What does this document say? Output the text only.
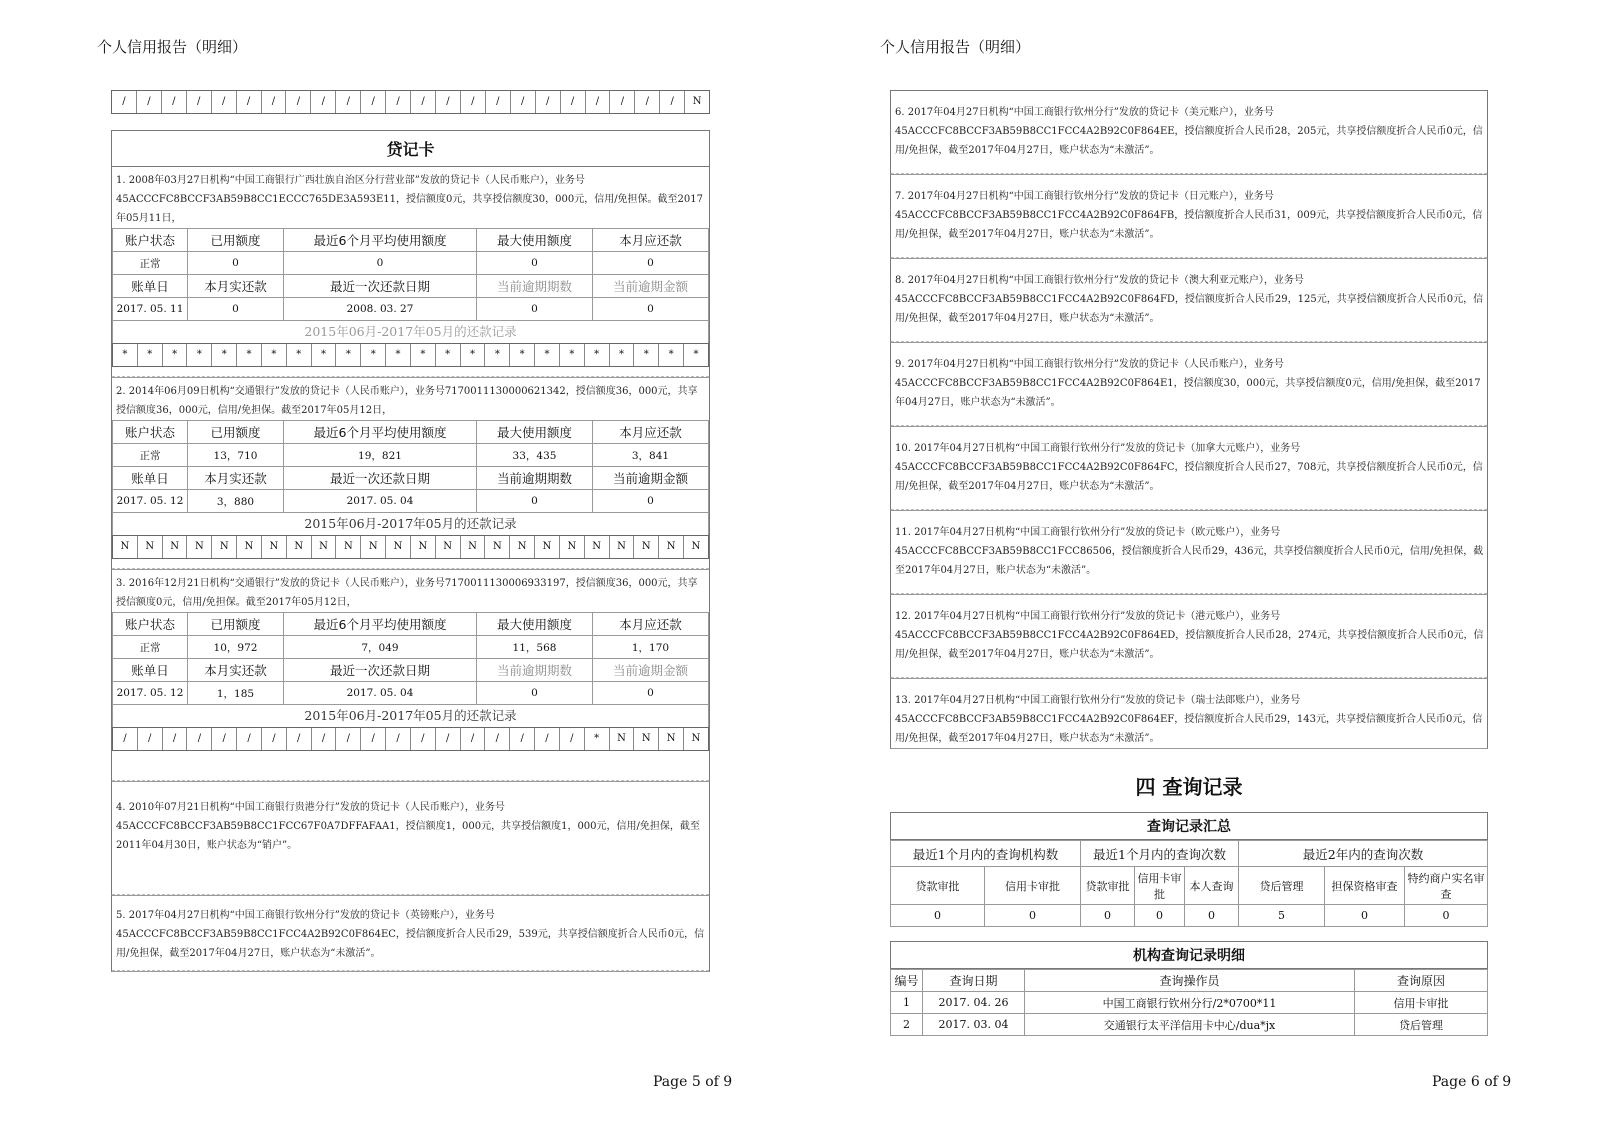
个人信用报告（明细）
/	/	/	/	/	/	/	/	/	/	/	/	/	/	/	/	/	/	/	/	/	/	/	N
贷记卡
1. 2008年03月27日机构“中国工商银行广西壮族自治区分行营业部”发放的贷记卡（人民币账户），业务号45ACCCFC8BCCF3AB59B8CC1ECCC765DE3A593E11，授信额度0元，共享授信额度30，000元，信用/免担保。截至2017年05月11日，
账户状态	已用额度	最近6个月平均使用额度	最大使用额度	本月应还款
正常	0	0	0	0
账单日	本月实还款	最近一次还款日期	当前逾期期数	当前逾期金额
2017. 05. 11	0	2008. 03. 27	0	0
2015年06月-2017年05月的还款记录
*	*	*	*	*	*	*	*	*	*	*	*	*	*	*	*	*	*	*	*	*	*	*	*
2. 2014年06月09日机构“交通银行”发放的贷记卡（人民币账户），业务号7170011130000621342，授信额度36，000元，共享授信额度36，000元，信用/免担保。截至2017年05月12日，
账户状态	已用额度	最近6个月平均使用额度	最大使用额度	本月应还款
正常	13，710	19，821	33，435	3，841
账单日	本月实还款	最近一次还款日期	当前逾期期数	当前逾期金额
2017. 05. 12	3，880	2017. 05. 04	0	0
2015年06月-2017年05月的还款记录
N	N	N	N	N	N	N	N	N	N	N	N	N	N	N	N	N	N	N	N	N	N	N	N
3. 2016年12月21日机构“交通银行”发放的贷记卡（人民币账户），业务号7170011130006933197，授信额度36，000元，共享授信额度0元，信用/免担保。截至2017年05月12日，
账户状态	已用额度	最近6个月平均使用额度	最大使用额度	本月应还款
正常	10，972	7，049	11，568	1，170
账单日	本月实还款	最近一次还款日期	当前逾期期数	当前逾期金额
2017. 05. 12	1，185	2017. 05. 04	0	0
2015年06月-2017年05月的还款记录
/	/	/	/	/	/	/	/	/	/	/	/	/	/	/	/	/	/	/	*	N	N	N	N
4. 2010年07月21日机构“中国工商银行贵港分行”发放的贷记卡（人民币账户），业务号45ACCCFC8BCCF3AB59B8CC1FCC67F0A7DFFAFAA1，授信额度1，000元，共享授信额度1，000元，信用/免担保，截至2011年04月30日，账户状态为“销户”。
5. 2017年04月27日机构“中国工商银行钦州分行”发放的贷记卡（英镑账户），业务号45ACCCFC8BCCF3AB59B8CC1FCC4A2B92C0F864EC，授信额度折合人民币29，539元，共享授信额度折合人民币0元，信用/免担保，截至2017年04月27日，账户状态为“未激活”。
Page 5 of 9
个人信用报告（明细）
6. 2017年04月27日机构“中国工商银行钦州分行”发放的贷记卡（美元账户），业务号45ACCCFC8BCCF3AB59B8CC1FCC4A2B92C0F864EE，授信额度折合人民币28，205元，共享授信额度折合人民币0元，信用/免担保，截至2017年04月27日，账户状态为“未激活”。
7. 2017年04月27日机构“中国工商银行钦州分行”发放的贷记卡（日元账户），业务号45ACCCFC8BCCF3AB59B8CC1FCC4A2B92C0F864FB，授信额度折合人民币31，009元，共享授信额度折合人民币0元，信用/免担保，截至2017年04月27日，账户状态为“未激活”。
8. 2017年04月27日机构“中国工商银行钦州分行”发放的贷记卡（澳大利亚元账户），业务号45ACCCFC8BCCF3AB59B8CC1FCC4A2B92C0F864FD，授信额度折合人民币29，125元，共享授信额度折合人民币0元，信用/免担保，截至2017年04月27日，账户状态为“未激活”。
9. 2017年04月27日机构“中国工商银行钦州分行”发放的贷记卡（人民币账户），业务号45ACCCFC8BCCF3AB59B8CC1FCC4A2B92C0F864E1，授信额度30，000元，共享授信额度0元，信用/免担保，截至2017年04月27日，账户状态为“未激活”。
10. 2017年04月27日机构“中国工商银行钦州分行”发放的贷记卡（加拿大元账户），业务号45ACCCFC8BCCF3AB59B8CC1FCC4A2B92C0F864FC，授信额度折合人民币27，708元，共享授信额度折合人民币0元，信用/免担保，截至2017年04月27日，账户状态为“未激活”。
11. 2017年04月27日机构“中国工商银行钦州分行”发放的贷记卡（欧元账户），业务号45ACCCFC8BCCF3AB59B8CC1FCC86506，授信额度折合人民币29，436元，共享授信额度折合人民币0元，信用/免担保，截至2017年04月27日，账户状态为“未激活”。
12. 2017年04月27日机构“中国工商银行钦州分行”发放的贷记卡（港元账户），业务号45ACCCFC8BCCF3AB59B8CC1FCC4A2B92C0F864ED，授信额度折合人民币28，274元，共享授信额度折合人民币0元，信用/免担保，截至2017年04月27日，账户状态为“未激活”。
13. 2017年04月27日机构“中国工商银行钦州分行”发放的贷记卡（瑞士法郎账户），业务号45ACCCFC8BCCF3AB59B8CC1FCC4A2B92C0F864EF，授信额度折合人民币29，143元，共享授信额度折合人民币0元，信用/免担保，截至2017年04月27日，账户状态为“未激活”。
四 查询记录
查询记录汇总
最近1个月内的查询机构数		最近1个月内的查询次数			最近2年内的查询次数		
贷款审批	信用卡审批	贷款审批	信用卡审批	本人查询	贷后管理	担保资格审查	特约商户实名审查
0	0	0	0	0	5	0	0
机构查询记录明细
编号	查询日期	查询操作员	查询原因
1	2017. 04. 26	中国工商银行钦州分行/2*0700*11	信用卡审批
2	2017. 03. 04	交通银行太平洋信用卡中心/dua*jx	贷后管理
Page 6 of 9
